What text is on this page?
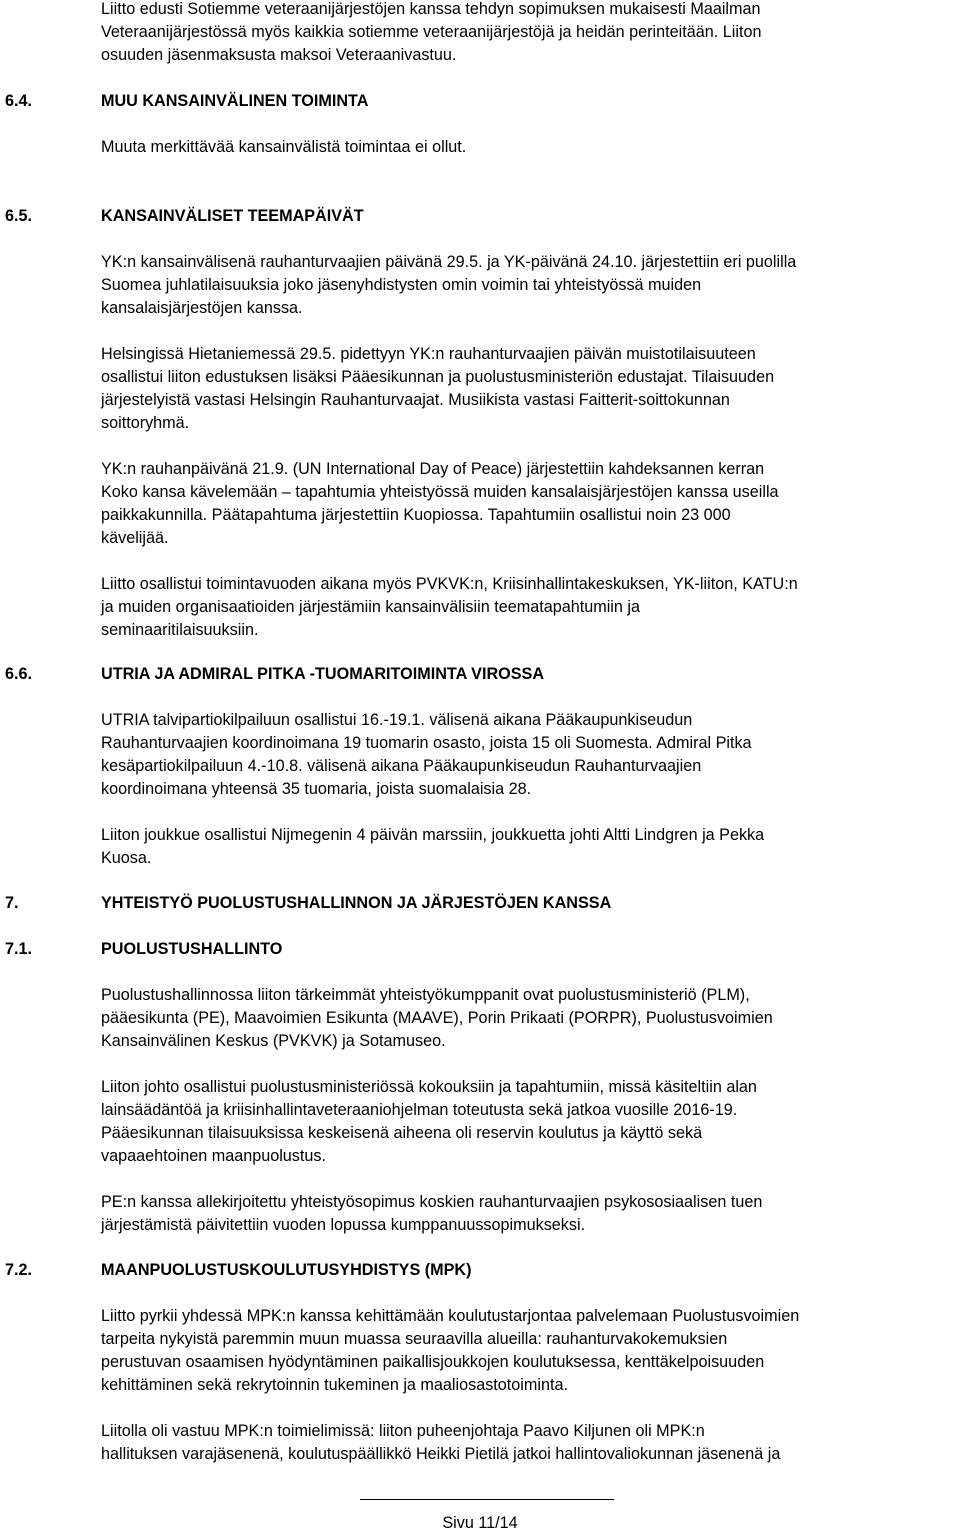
Liitto edusti Sotiemme veteraanijärjestöjen kanssa tehdyn sopimuksen mukaisesti Maailman
Veteraanijärjestössä myös kaikkia sotiemme veteraanijärjestöjä ja heidän perinteitään. Liiton
osuuden jäsenmaksusta maksoi Veteraanivastuu.
6.4.	MUU KANSAINVÄLINEN TOIMINTA
Muuta merkittävää kansainvälistä toimintaa ei ollut.
6.5.	KANSAINVÄLISET TEEMAPÄIVÄT
YK:n kansainvälisenä rauhanturvaajien päivänä 29.5. ja YK-päivänä 24.10. järjestettiin eri puolilla
Suomea juhlatilaisuuksia joko jäsenyhdistysten omin voimin tai yhteistyössä muiden
kansalaisjärjestöjen kanssa.
Helsingissä Hietaniemessä 29.5. pidettyyn YK:n rauhanturvaajien päivän muistotilaisuuteen
osallistui liiton edustuksen lisäksi Pääesikunnan ja puolustusministeriön edustajat. Tilaisuuden
järjestelyistä vastasi Helsingin Rauhanturvaajat. Musiikista vastasi Faitterit-soittokunnan
soittoryhmä.
YK:n rauhanpäivänä 21.9. (UN International Day of Peace) järjestettiin kahdeksannen kerran
Koko kansa kävelemään – tapahtumia yhteistyössä muiden kansalaisjärjestöjen kanssa useilla
paikkakunnilla. Päätapahtuma järjestettiin Kuopiossa. Tapahtumiin osallistui noin 23 000
kävelijää.
Liitto osallistui toimintavuoden aikana myös PVKVK:n, Kriisinhallintakeskuksen, YK-liiton, KATU:n
ja muiden organisaatioiden järjestämiin kansainvälisiin teematapahtumiin ja
seminaaritilaisuuksiin.
6.6.	UTRIA JA ADMIRAL PITKA -TUOMARITOIMINTA VIROSSA
UTRIA talvipartiokilpailuun osallistui 16.-19.1. välisenä aikana Pääkaupunkiseudun
Rauhanturvaajien koordinoimana 19 tuomarin osasto, joista 15 oli Suomesta. Admiral Pitka
kesäpartiokilpailuun 4.-10.8. välisenä aikana Pääkaupunkiseudun Rauhanturvaajien
koordinoimana yhteensä 35 tuomaria, joista suomalaisia 28.
Liiton joukkue osallistui Nijmegenin 4 päivän marssiin, joukkuetta johti Altti Lindgren ja Pekka
Kuosa.
7.	YHTEISTYÖ PUOLUSTUSHALLINNON JA JÄRJESTÖJEN KANSSA
7.1.	PUOLUSTUSHALLINTO
Puolustushallinnossa liiton tärkeimmät yhteistyökumppanit ovat puolustusministeriö (PLM),
pääesikunta (PE), Maavoimien Esikunta (MAAVE), Porin Prikaati (PORPR), Puolustusvoimien
Kansainvälinen Keskus (PVKVK) ja Sotamuseo.
Liiton johto osallistui puolustusministeriössä kokouksiin ja tapahtumiin, missä käsiteltiin alan
lainsäädäntöä ja kriisinhallintaveteraaniohjelman toteutusta sekä jatkoa vuosille 2016-19.
Pääesikunnan tilaisuuksissa keskeisenä aiheena oli reservin koulutus ja käyttö sekä
vapaaehtoinen maanpuolustus.
PE:n kanssa allekirjoitettu yhteistyösopimus koskien rauhanturvaajien psykososiaalisen tuen
järjestämistä päivitettiin vuoden lopussa kumppanuussopimukseksi.
7.2.	MAANPUOLUSTUSKOULUTUSYHDISTYS (MPK)
Liitto pyrkii yhdessä MPK:n kanssa kehittämään koulutustarjontaa palvelemaan Puolustusvoimien
tarpeita nykyistä paremmin muun muassa seuraavilla alueilla: rauhanturvakokemuksien
perustuvan osaamisen hyödyntäminen paikallisjoukkojen koulutuksessa, kenttäkelpoisuuden
kehittäminen sekä rekrytoinnin tukeminen ja maaliosastotoiminta.
Liitolla oli vastuu MPK:n toimielimissä: liiton puheenjohtaja Paavo Kiljunen oli MPK:n
hallituksen varajäsenenä, koulutuspäällikkö Heikki Pietilä jatkoi hallintovaliokunnan jäsenenä ja
Sivu 11/14
